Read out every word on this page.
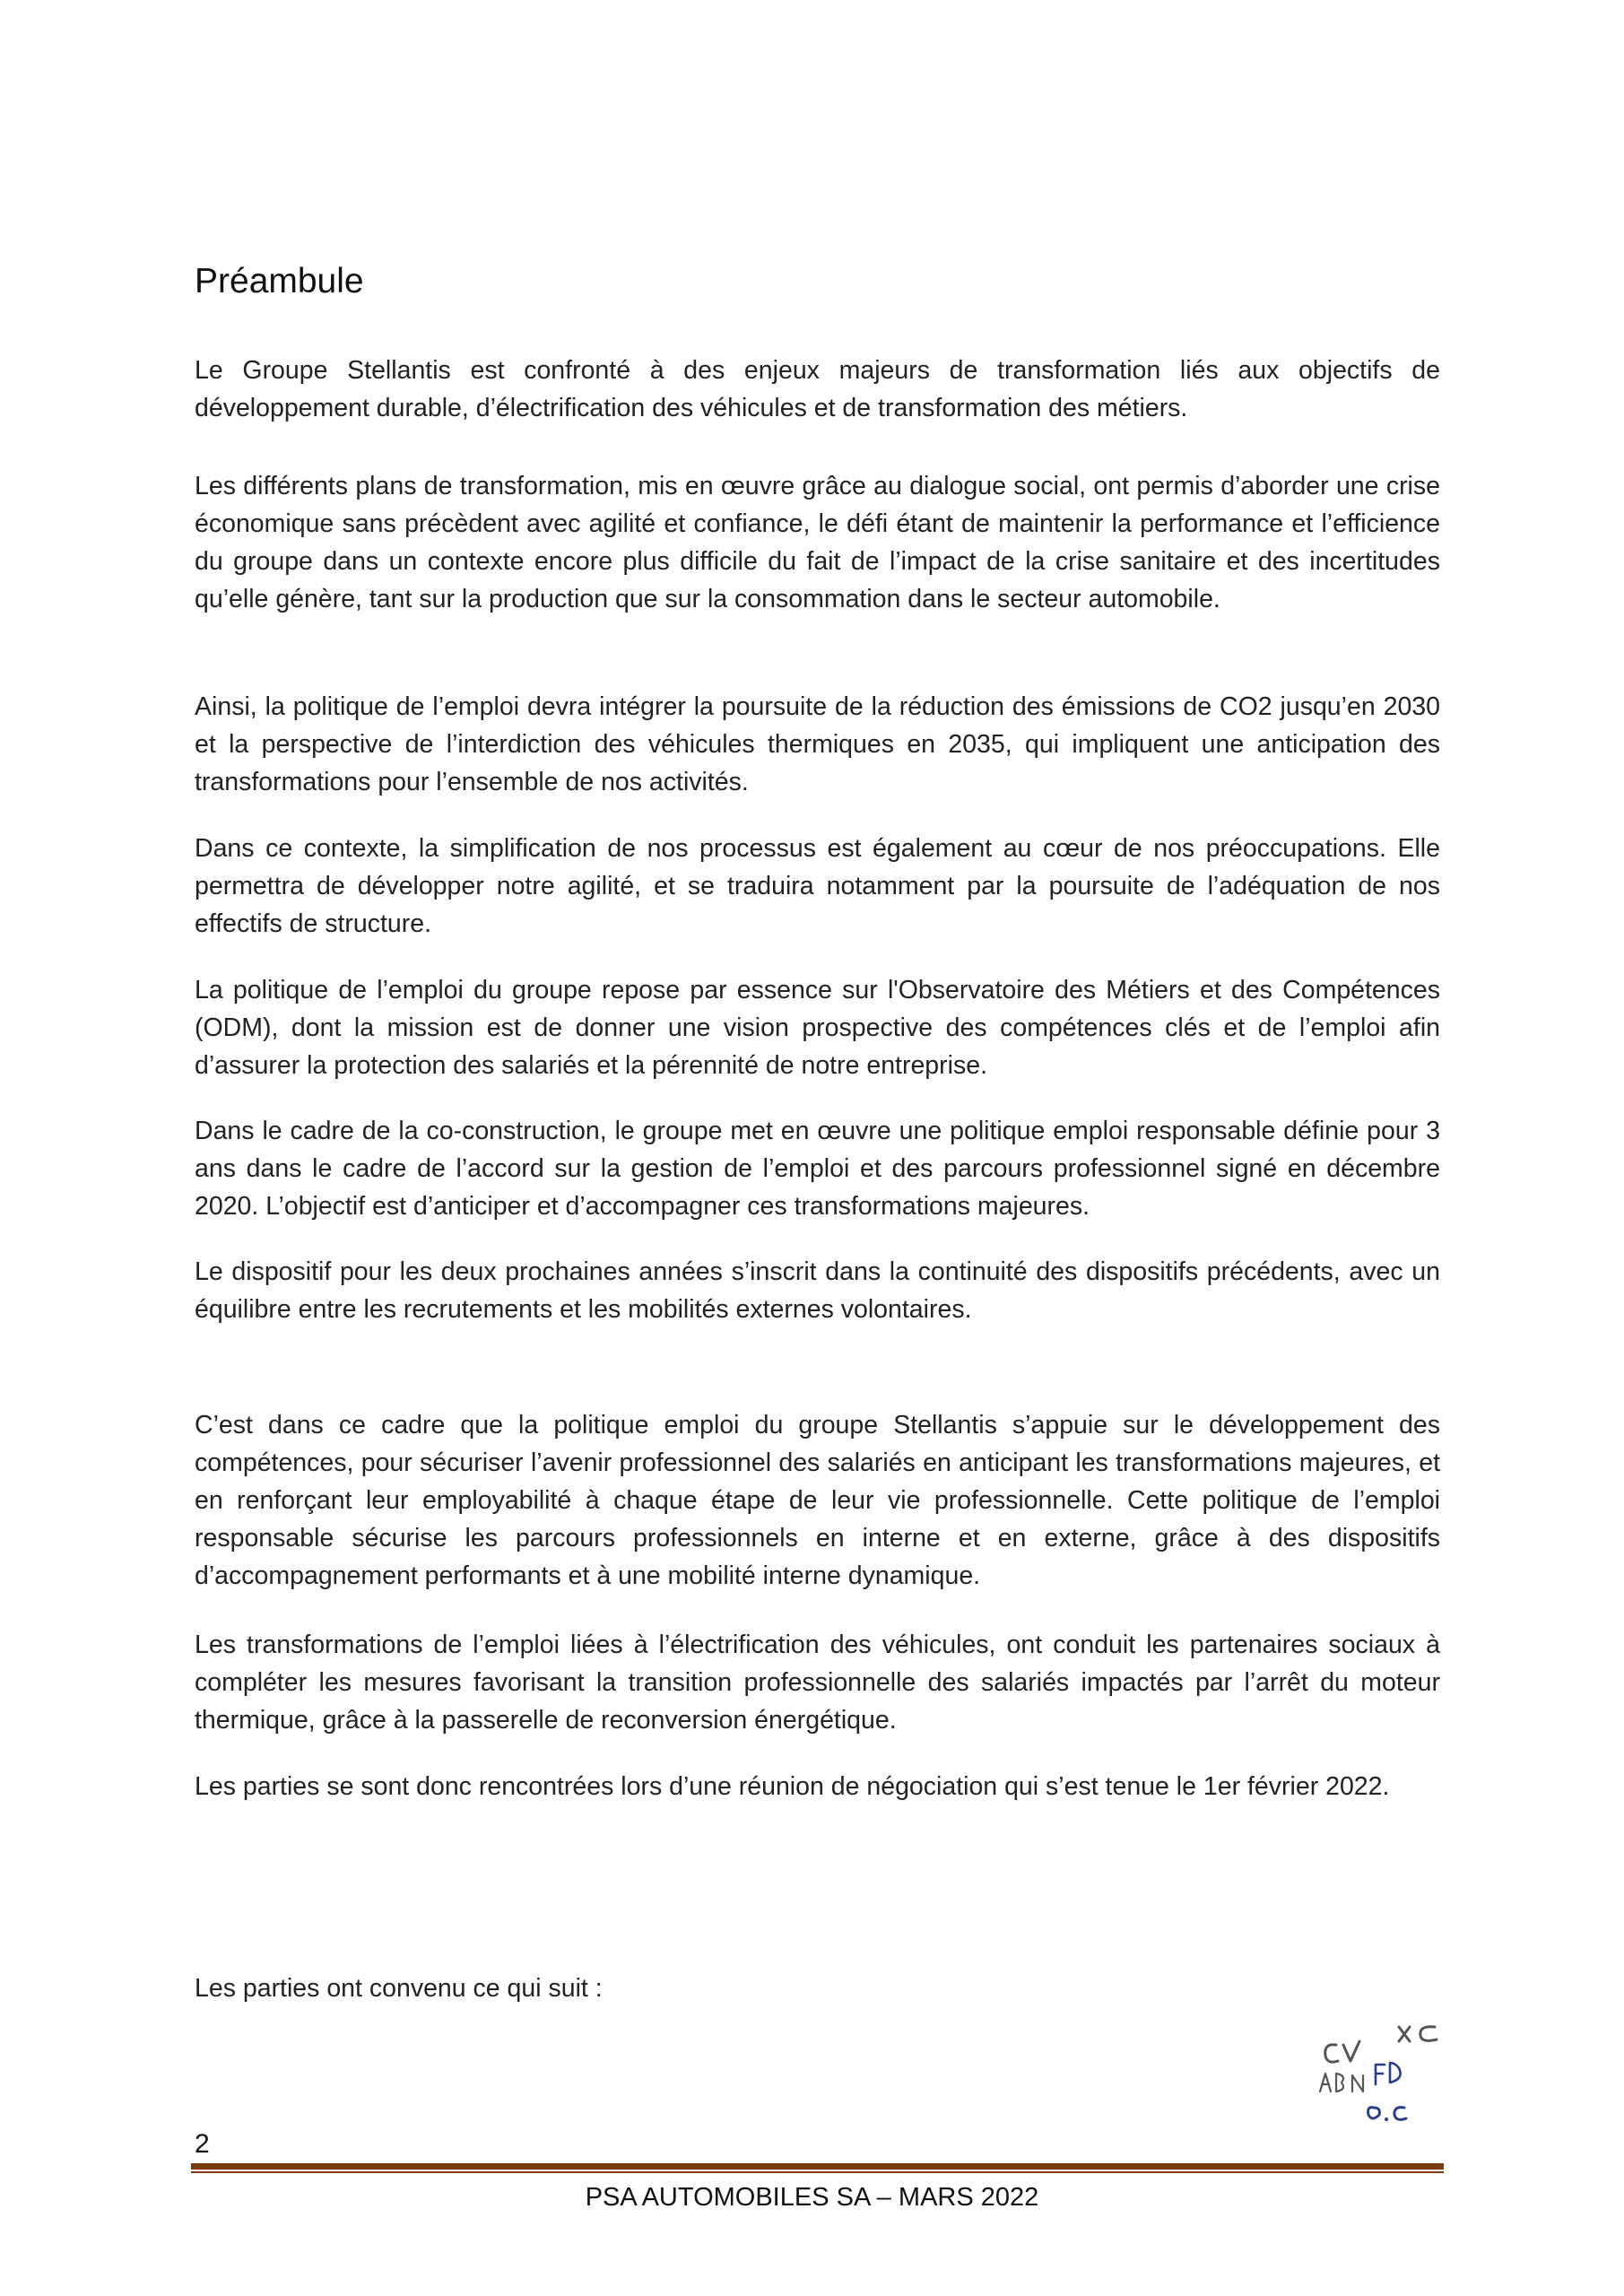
Préambule

Le Groupe Stellantis est confronté à des enjeux majeurs de transformation liés aux objectifs de développement durable, d’électrification des véhicules et de transformation des métiers.

Les différents plans de transformation, mis en œuvre grâce au dialogue social, ont permis d’aborder une crise économique sans précèdent avec agilité et confiance, le défi étant de maintenir la performance et l’efficience du groupe dans un contexte encore plus difficile du fait de l’impact de la crise sanitaire et des incertitudes qu’elle génère, tant sur la production que sur la consommation dans le secteur automobile.

Ainsi, la politique de l’emploi devra intégrer la poursuite de la réduction des émissions de CO2 jusqu’en 2030 et la perspective de l’interdiction des véhicules thermiques en 2035, qui impliquent une anticipation des transformations pour l’ensemble de nos activités.

Dans ce contexte, la simplification de nos processus est également au cœur de nos préoccupations. Elle permettra de développer notre agilité, et se traduira notamment par la poursuite de l’adéquation de nos effectifs de structure.

La politique de l’emploi du groupe repose par essence sur l'Observatoire des Métiers et des Compétences (ODM), dont la mission est de donner une vision prospective des compétences clés et de l’emploi afin d’assurer la protection des salariés et la pérennité de notre entreprise.

Dans le cadre de la co-construction, le groupe met en œuvre une politique emploi responsable définie pour 3 ans dans le cadre de l’accord sur la gestion de l’emploi et des parcours professionnel signé en décembre 2020. L’objectif est d’anticiper et d’accompagner ces transformations majeures.

Le dispositif pour les deux prochaines années s’inscrit dans la continuité des dispositifs précédents, avec un équilibre entre les recrutements et les mobilités externes volontaires.

C’est dans ce cadre que la politique emploi du groupe Stellantis s’appuie sur le développement des compétences, pour sécuriser l’avenir professionnel des salariés en anticipant les transformations majeures, et en renforçant leur employabilité à chaque étape de leur vie professionnelle. Cette politique de l’emploi responsable sécurise les parcours professionnels en interne et en externe, grâce à des dispositifs d’accompagnement performants et à une mobilité interne dynamique.

Les transformations de l’emploi liées à l’électrification des véhicules, ont conduit les partenaires sociaux à compléter les mesures favorisant la transition professionnelle des salariés impactés par l’arrêt du moteur thermique, grâce à la passerelle de reconversion énergétique.

Les parties se sont donc rencontrées lors d’une réunion de négociation qui s’est tenue le 1er février 2022.

Les parties ont convenu ce qui suit :

2
PSA AUTOMOBILES SA – MARS 2022
